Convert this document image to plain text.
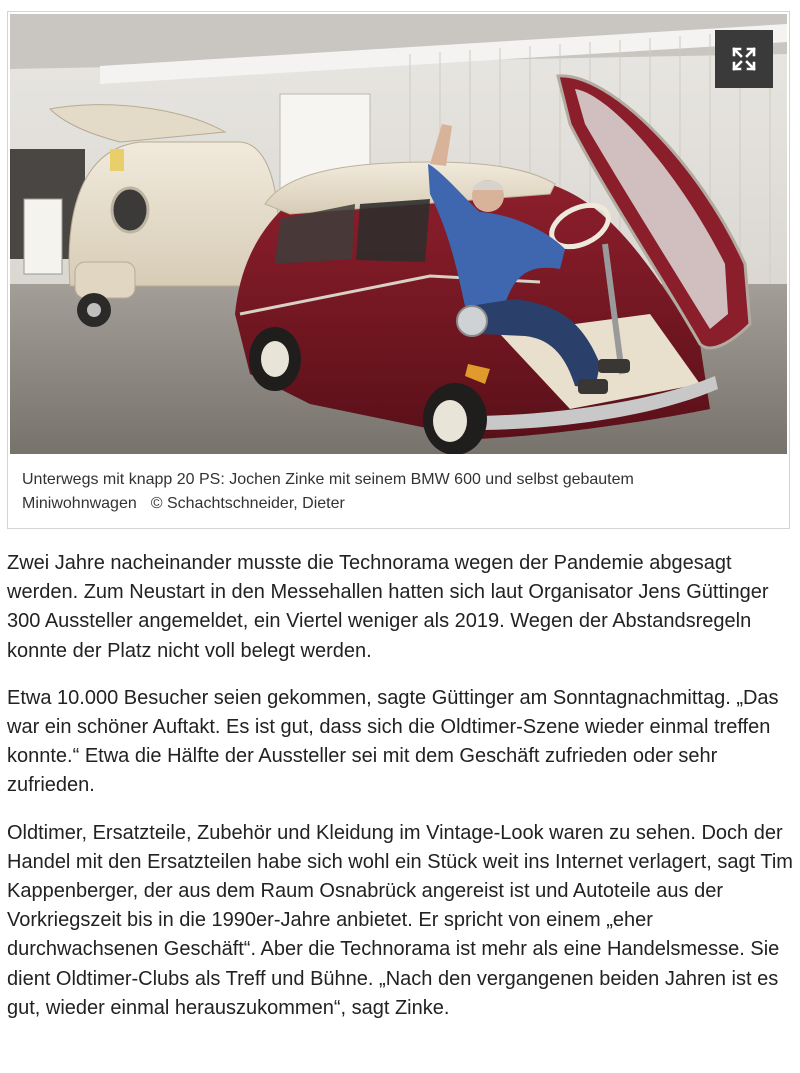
Unterwegs mit knapp 20 PS: Jochen Zinke mit seinem BMW 600 und selbst gebautem Miniwohnwagen © Schachtschneider, Dieter

Zwei Jahre nacheinander musste die Technorama wegen der Pandemie abgesagt werden. Zum Neustart in den Messehallen hatten sich laut Organisator Jens Güttinger 300 Aussteller angemeldet, ein Viertel weniger als 2019. Wegen der Abstandsregeln konnte der Platz nicht voll belegt werden.

Etwa 10.000 Besucher seien gekommen, sagte Güttinger am Sonntagnachmittag. „Das war ein schöner Auftakt. Es ist gut, dass sich die Oldtimer-Szene wieder einmal treffen konnte.“ Etwa die Hälfte der Aussteller sei mit dem Geschäft zufrieden oder sehr zufrieden.

Oldtimer, Ersatzteile, Zubehör und Kleidung im Vintage-Look waren zu sehen. Doch der Handel mit den Ersatzteilen habe sich wohl ein Stück weit ins Internet verlagert, sagt Tim Kappenberger, der aus dem Raum Osnabrück angereist ist und Autoteile aus der Vorkriegszeit bis in die 1990er-Jahre anbietet. Er spricht von einem „eher durchwachsenen Geschäft“. Aber die Technorama ist mehr als eine Handelsmesse. Sie dient Oldtimer-Clubs als Treff und Bühne. „Nach den vergangenen beiden Jahren ist es gut, wieder einmal herauszukommen“, sagt Zinke.
